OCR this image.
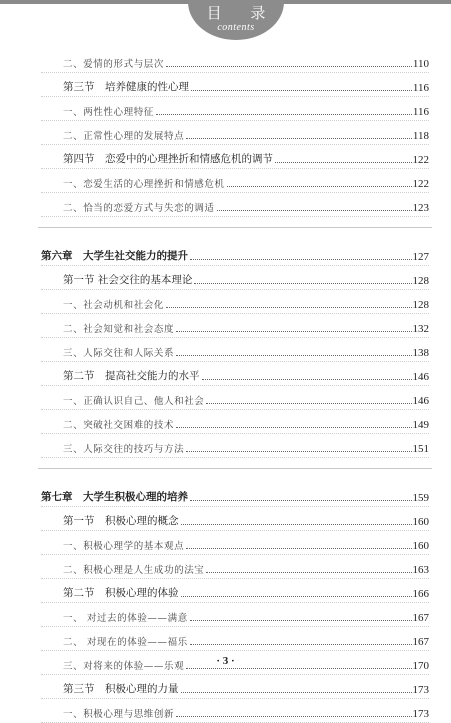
目 录
contents
二、爱情的形式与层次	110
第三节　培养健康的性心理	116
一、两性性心理特征	116
二、正常性心理的发展特点	118
第四节　恋爱中的心理挫折和情感危机的调节	122
一、恋爱生活的心理挫折和情感危机	122
二、恰当的恋爱方式与失恋的调适	123
第六章　大学生社交能力的提升	127
第一节 社会交往的基本理论	128
一、社会动机和社会化	128
二、社会知觉和社会态度	132
三、人际交往和人际关系	138
第二节　提高社交能力的水平	146
一、正确认识自己、他人和社会	146
二、突破社交困难的技术	149
三、人际交往的技巧与方法	151
第七章　大学生积极心理的培养	159
第一节　积极心理的概念	160
一、积极心理学的基本观点	160
二、积极心理是人生成功的法宝	163
第二节　积极心理的体验	166
一、 对过去的体验——满意	167
二、 对现在的体验——福乐	167
三、对将来的体验——乐观	170
第三节　积极心理的力量	173
一、积极心理与思维创新	173
· 3 ·
